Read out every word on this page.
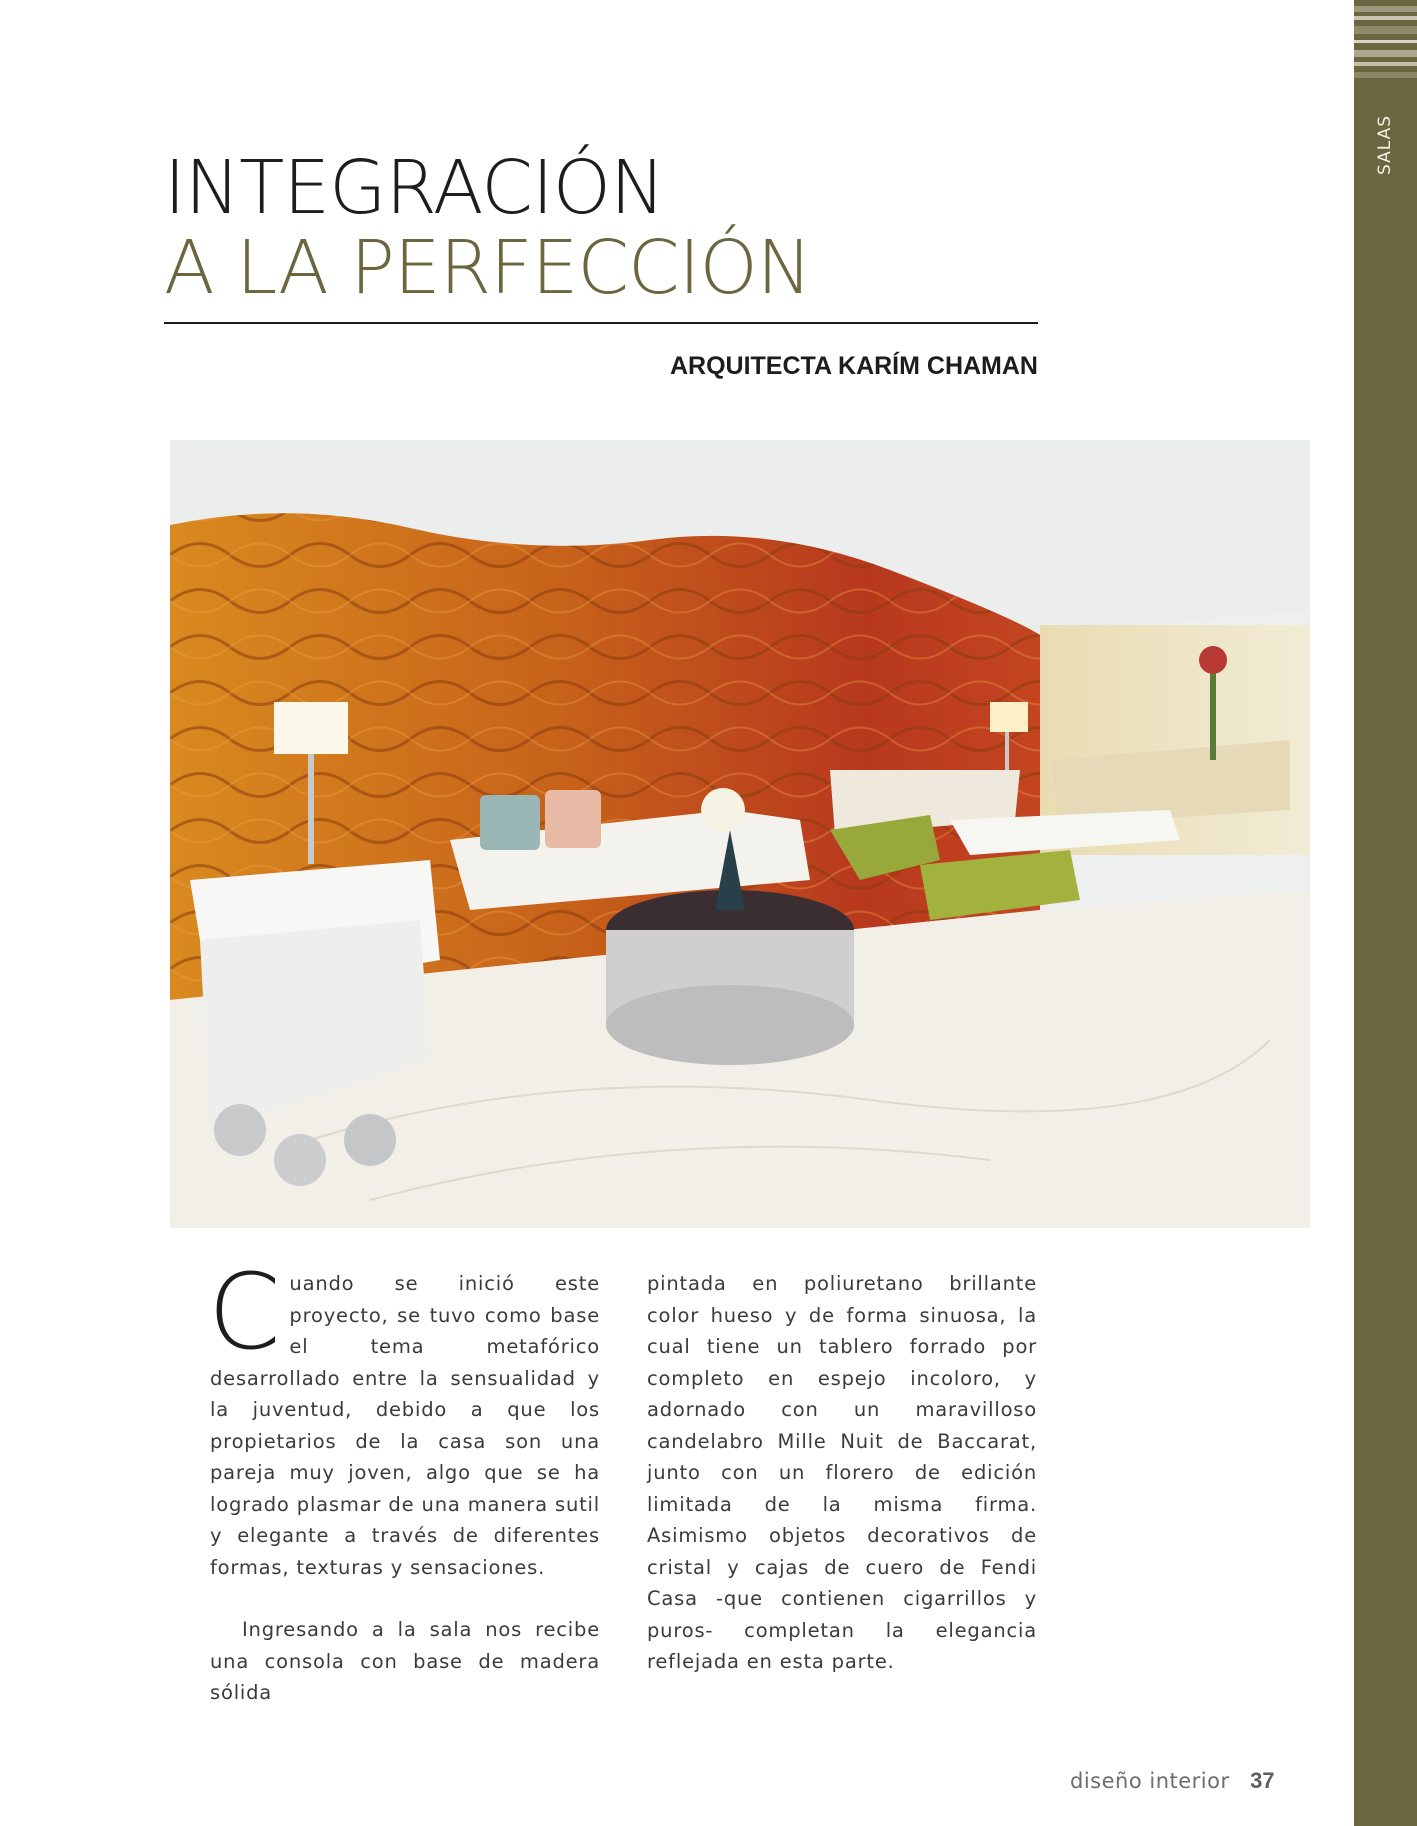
SALAS
INTEGRACIÓN
A LA PERFECCIÓN
ARQUITECTA KARÍM CHAMAN

C uando se inició este proyecto, se tuvo como base el tema metafórico desarrollado entre la sensualidad y la juventud, debido a que los propietarios de la casa son una pareja muy joven, algo que se ha logrado plasmar de una manera sutil y elegante a través de diferentes formas, texturas y sensaciones.

Ingresando a la sala nos recibe una consola con base de madera sólida

pintada en poliuretano brillante color hueso y de forma sinuosa, la cual tiene un tablero forrado por completo en espejo incoloro, y adornado con un maravilloso candelabro Mille Nuit de Baccarat, junto con un florero de edición limitada de la misma firma. Asimismo objetos decorativos de cristal y cajas de cuero de Fendi Casa -que contienen cigarrillos y puros- completan la elegancia reflejada en esta parte.

diseño interior 37
